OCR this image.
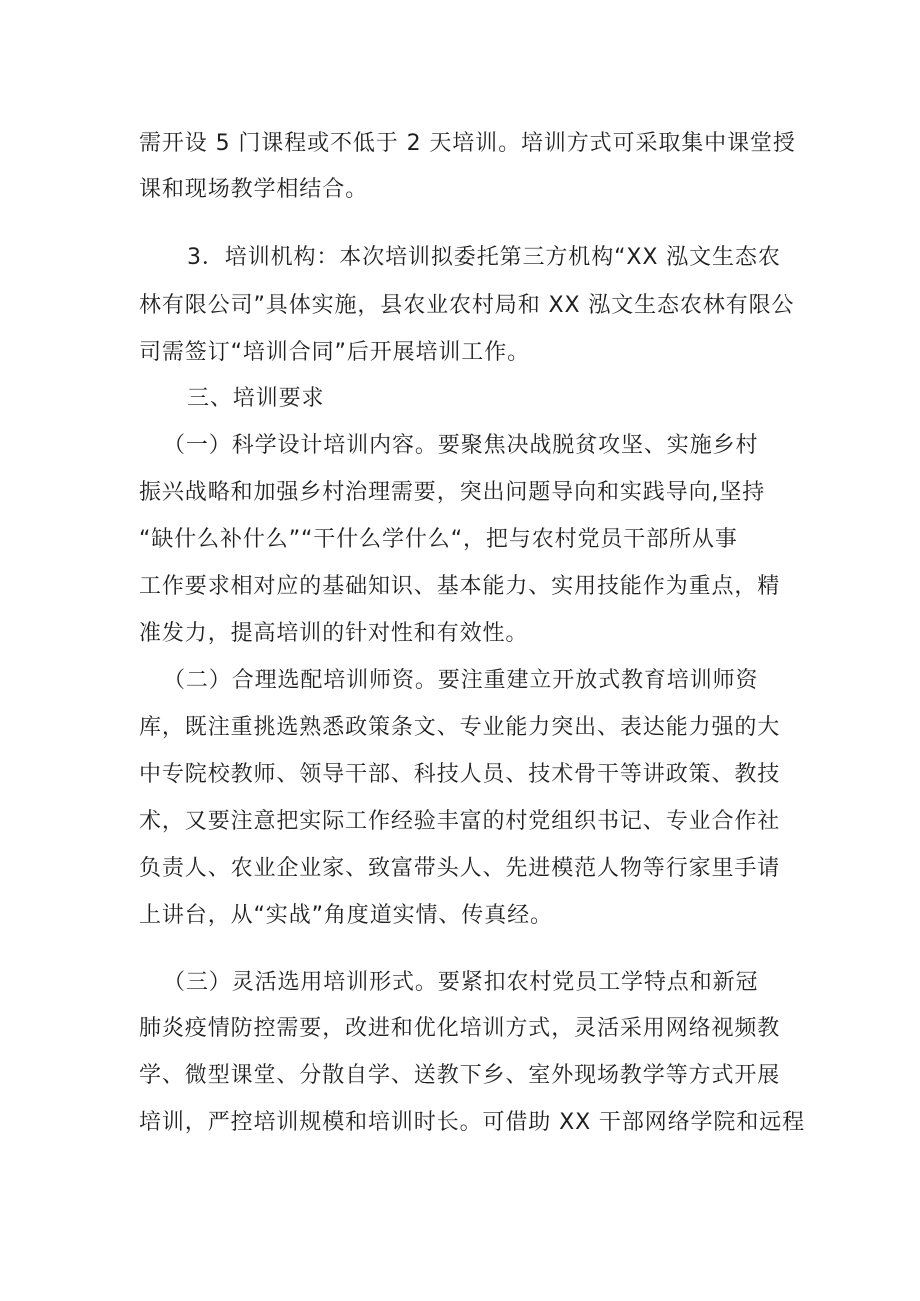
需开设 5 门课程或不低于 2 天培训。培训方式可采取集中课堂授
课和现场教学相结合。
3．培训机构：本次培训拟委托第三方机构“XX 泓文生态农
林有限公司”具体实施，县农业农村局和 XX 泓文生态农林有限公
司需签订“培训合同”后开展培训工作。
三、培训要求
（一）科学设计培训内容。要聚焦决战脱贫攻坚、实施乡村
振兴战略和加强乡村治理需要，突出问题导向和实践导向,坚持
“缺什么补什么”“干什么学什么“，把与农村党员干部所从事
工作要求相对应的基础知识、基本能力、实用技能作为重点，精
准发力，提高培训的针对性和有效性。
（二）合理选配培训师资。要注重建立开放式教育培训师资
库，既注重挑选熟悉政策条文、专业能力突出、表达能力强的大
中专院校教师、领导干部、科技人员、技术骨干等讲政策、教技
术，又要注意把实际工作经验丰富的村党组织书记、专业合作社
负责人、农业企业家、致富带头人、先进模范人物等行家里手请
上讲台，从“实战”角度道实情、传真经。
（三）灵活选用培训形式。要紧扣农村党员工学特点和新冠
肺炎疫情防控需要，改进和优化培训方式，灵活采用网络视频教
学、微型课堂、分散自学、送教下乡、室外现场教学等方式开展
培训，严控培训规模和培训时长。可借助 XX 干部网络学院和远程
